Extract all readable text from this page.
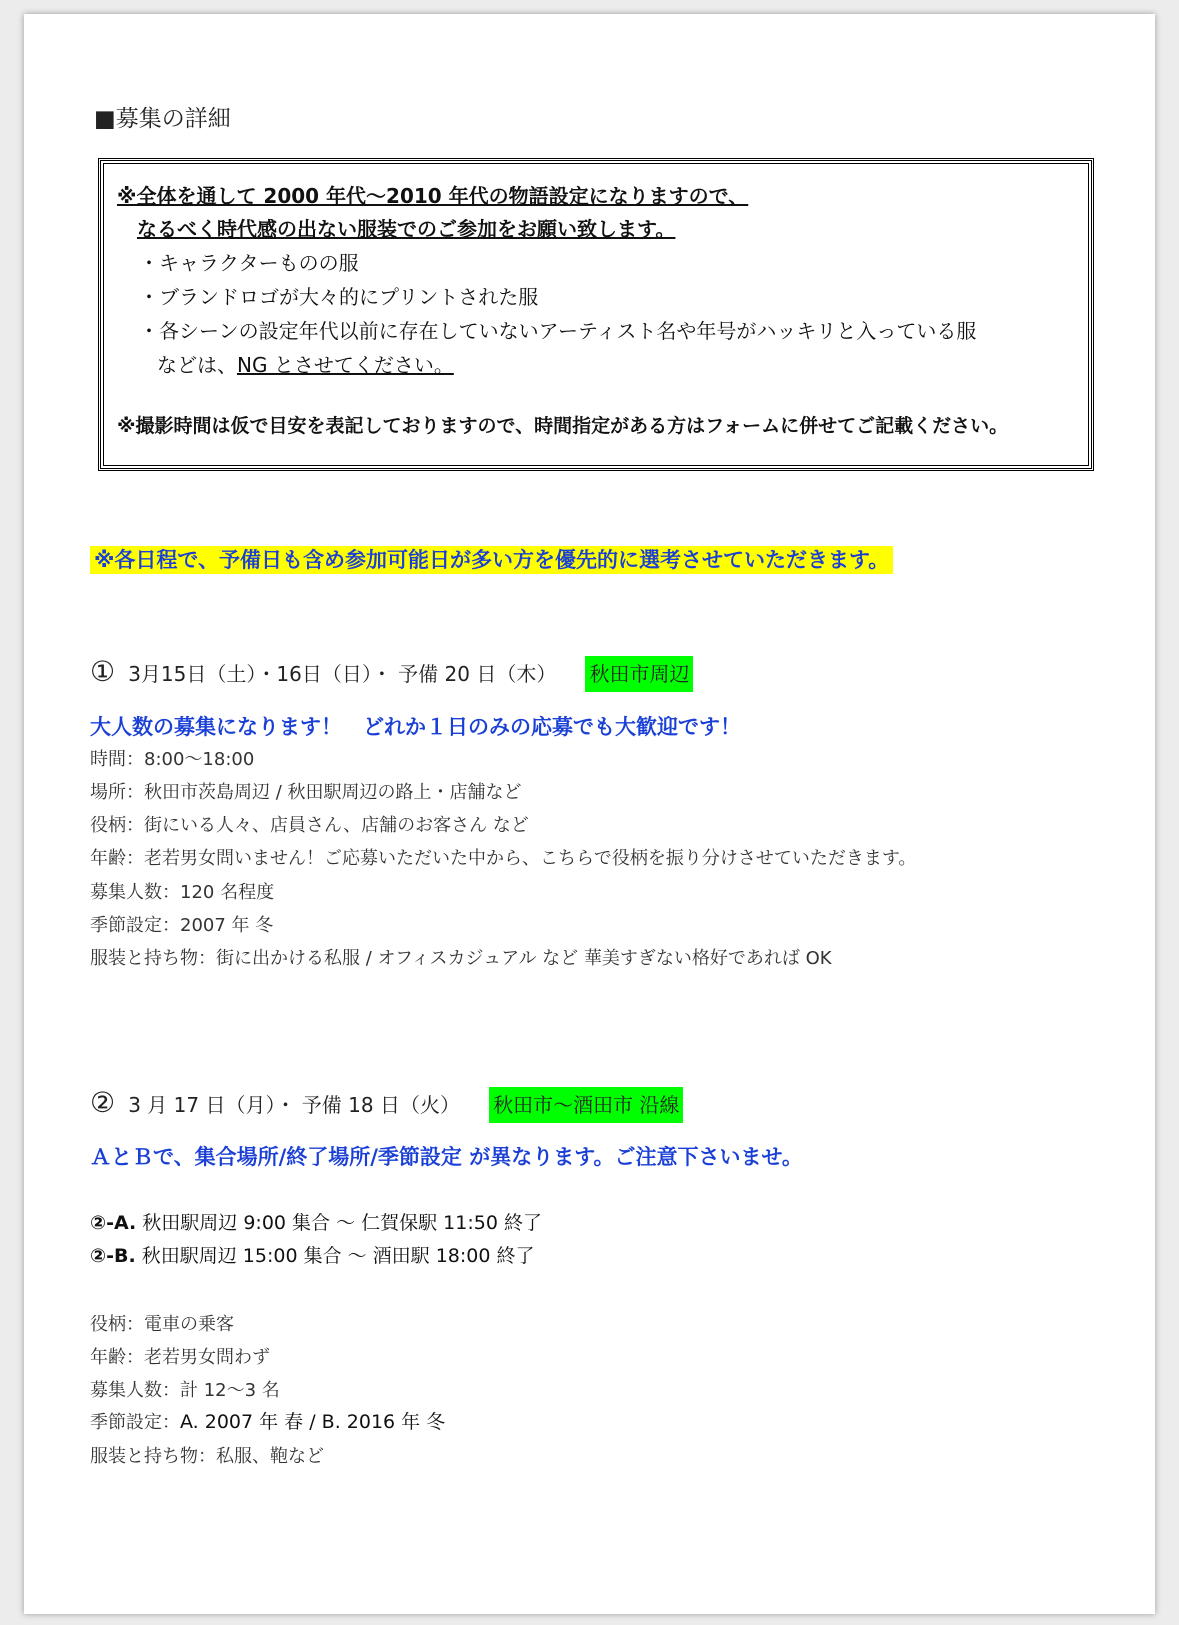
■募集の詳細
※全体を通して 2000 年代〜2010 年代の物語設定になりますので、
なるべく時代感の出ない服装でのご参加をお願い致します。
・キャラクターものの服
・ブランドロゴが大々的にプリントされた服
・各シーンの設定年代以前に存在していないアーティスト名や年号がハッキリと入っている服
などは、NG とさせてください。
※撮影時間は仮で目安を表記しておりますので、時間指定がある方はフォームに併せてご記載ください。
※各日程で、予備日も含め参加可能日が多い方を優先的に選考させていただきます。
① 3月15日（土）・16日（日）・ 予備 20 日（木） 秋田市周辺
大人数の募集になります！　どれか１日のみの応募でも大歓迎です！
時間：8:00〜18:00
場所：秋田市茨島周辺 / 秋田駅周辺の路上・店舗など
役柄：街にいる人々、店員さん、店舗のお客さん など
年齢：老若男女問いません！ご応募いただいた中から、こちらで役柄を振り分けさせていただきます。
募集人数：120 名程度
季節設定：2007 年 冬
服装と持ち物：街に出かける私服 / オフィスカジュアル など 華美すぎない格好であれば OK
② 3 月 17 日（月）・ 予備 18 日（火） 秋田市〜酒田市 沿線
ＡとＢで、集合場所/終了場所/季節設定 が異なります。ご注意下さいませ。
②-A. 秋田駅周辺 9:00 集合 〜 仁賀保駅 11:50 終了
②-B. 秋田駅周辺 15:00 集合 〜 酒田駅 18:00 終了
役柄：電車の乗客
年齢：老若男女問わず
募集人数：計 12〜3 名
季節設定：A. 2007 年 春 / B. 2016 年 冬
服装と持ち物：私服、鞄など
